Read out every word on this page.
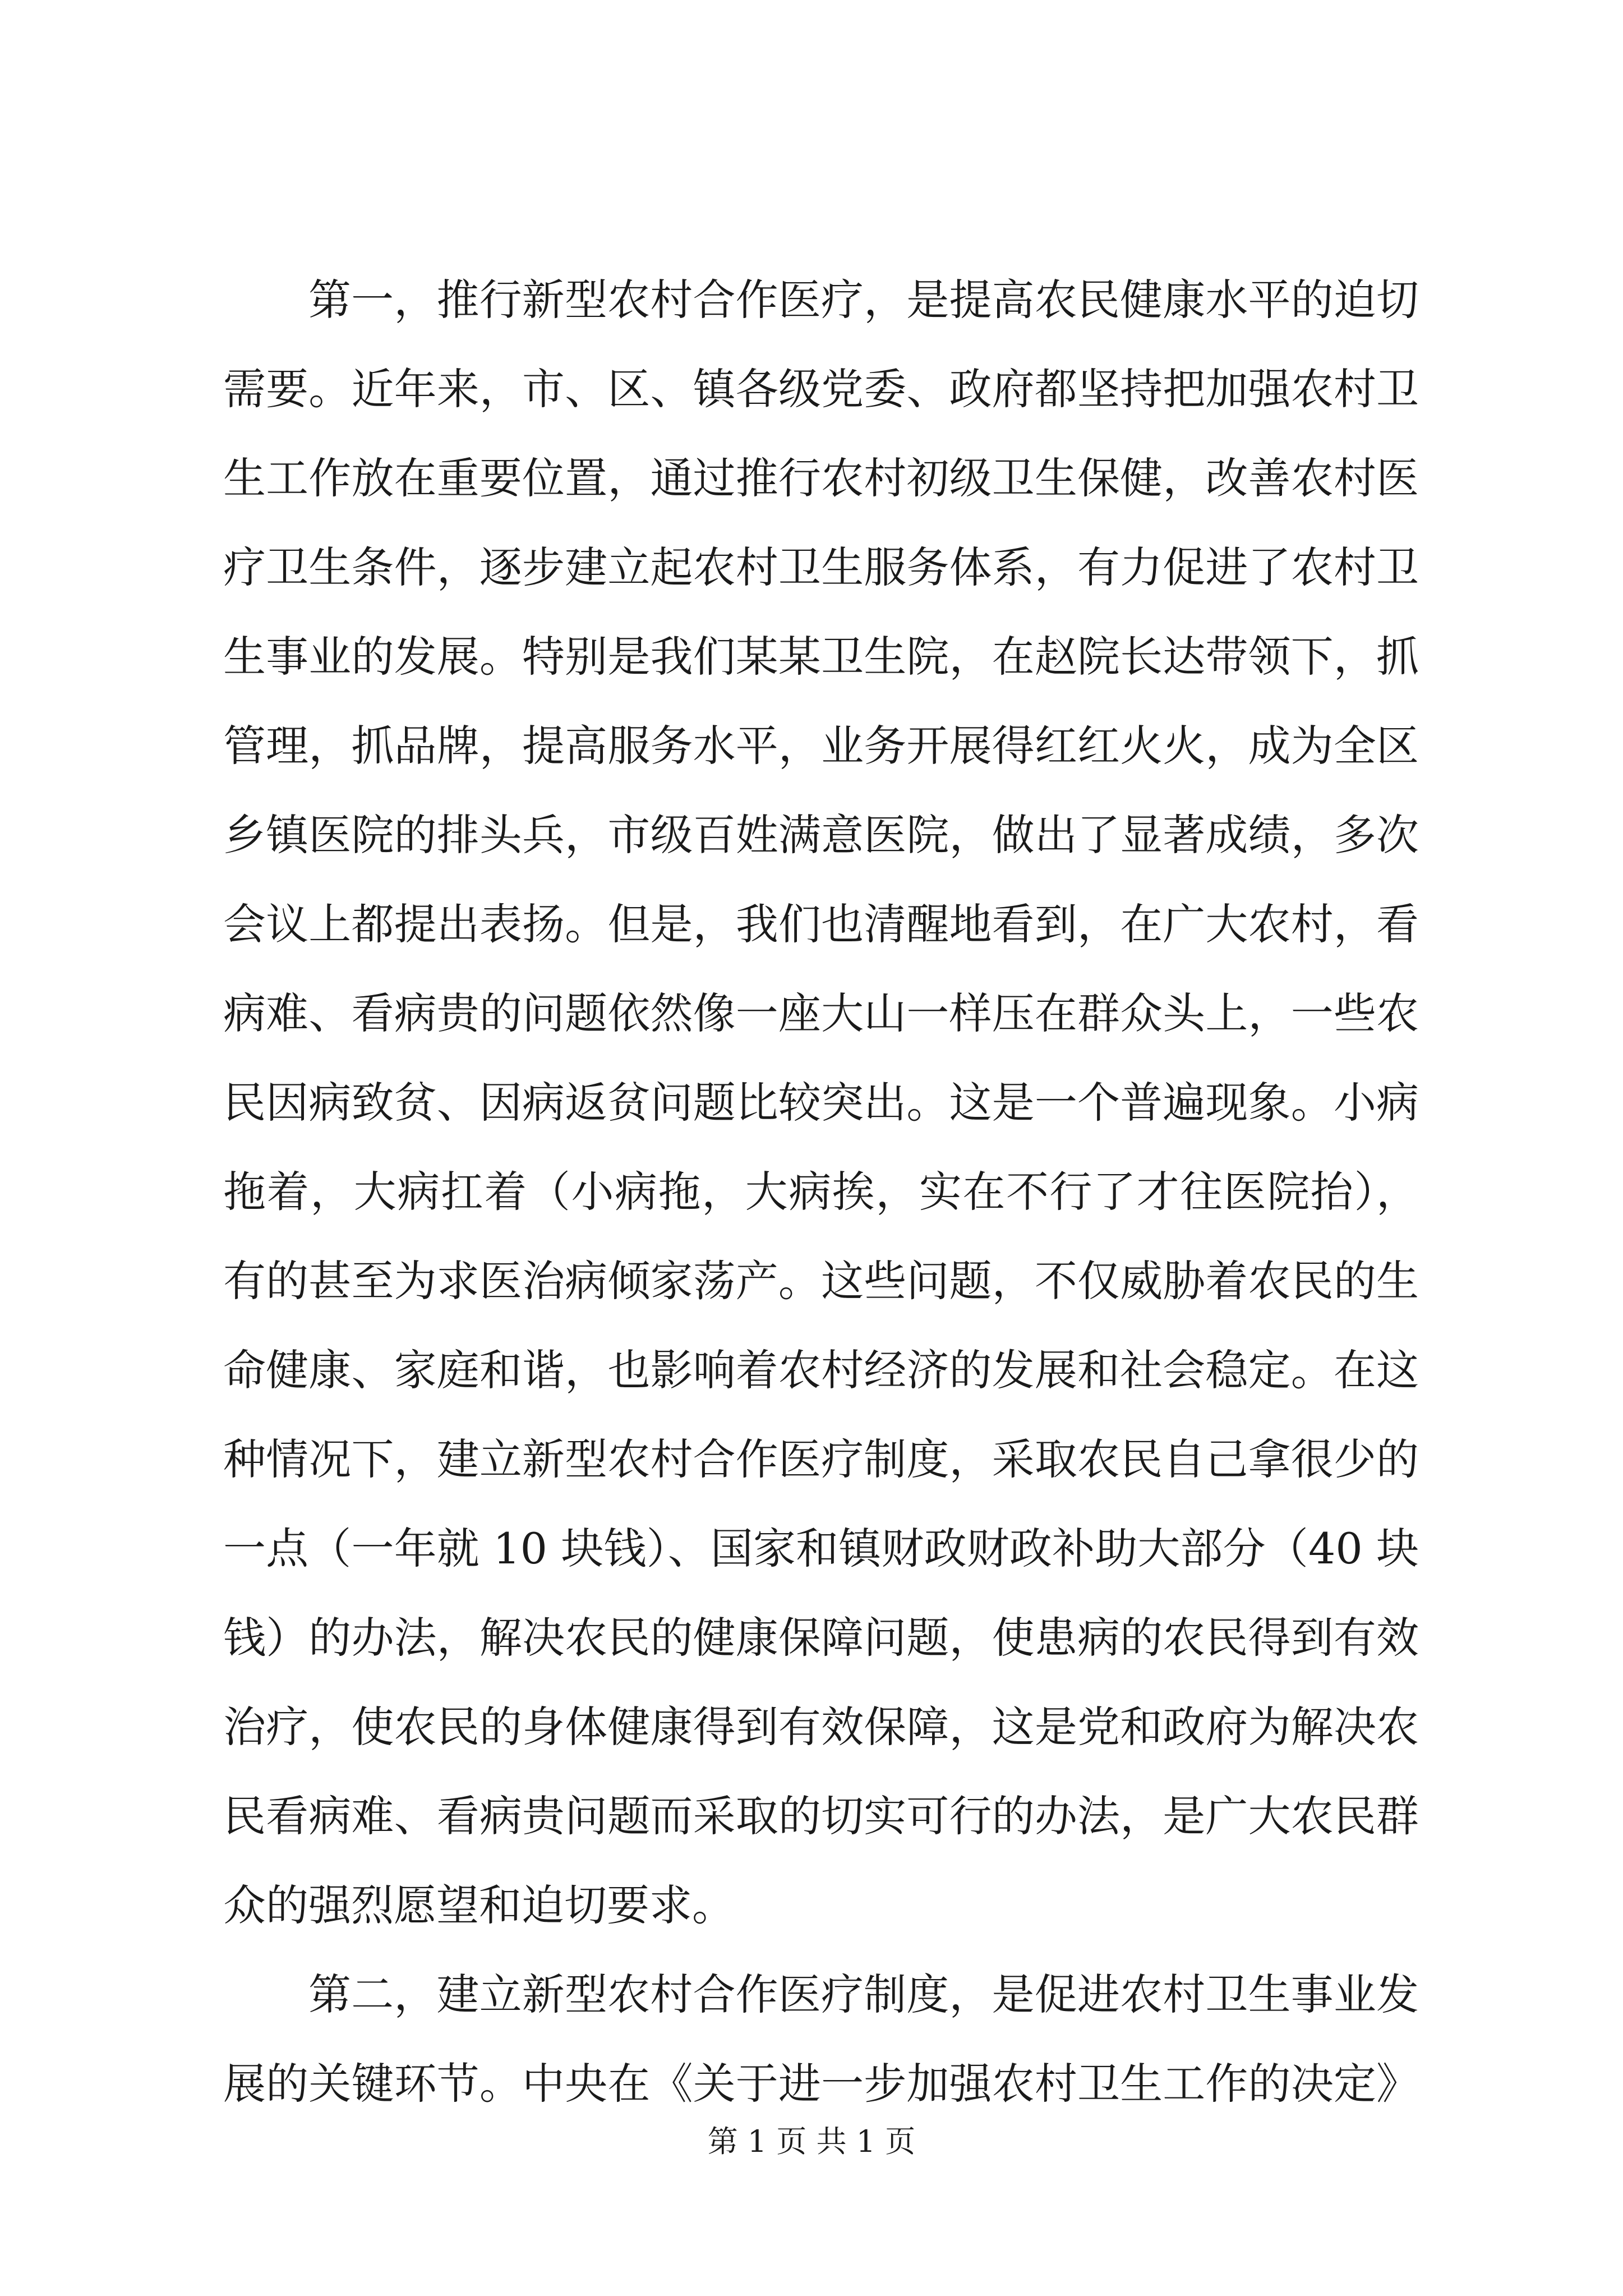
第一，推行新型农村合作医疗，是提高农民健康水平的迫切
需要。近年来，市、区、镇各级党委、政府都坚持把加强农村卫
生工作放在重要位置，通过推行农村初级卫生保健，改善农村医
疗卫生条件，逐步建立起农村卫生服务体系，有力促进了农村卫
生事业的发展。特别是我们某某卫生院，在赵院长达带领下，抓
管理，抓品牌，提高服务水平，业务开展得红红火火，成为全区
乡镇医院的排头兵，市级百姓满意医院，做出了显著成绩，多次
会议上都提出表扬。但是，我们也清醒地看到，在广大农村，看
病难、看病贵的问题依然像一座大山一样压在群众头上，一些农
民因病致贫、因病返贫问题比较突出。这是一个普遍现象。小病
拖着，大病扛着（小病拖，大病挨，实在不行了才往医院抬），
有的甚至为求医治病倾家荡产。这些问题，不仅威胁着农民的生
命健康、家庭和谐，也影响着农村经济的发展和社会稳定。在这
种情况下，建立新型农村合作医疗制度，采取农民自己拿很少的
一点（一年就 10 块钱）、国家和镇财政财政补助大部分（40 块
钱）的办法，解决农民的健康保障问题，使患病的农民得到有效
治疗，使农民的身体健康得到有效保障，这是党和政府为解决农
民看病难、看病贵问题而采取的切实可行的办法，是广大农民群
众的强烈愿望和迫切要求。
第二，建立新型农村合作医疗制度，是促进农村卫生事业发
展的关键环节。中央在《关于进一步加强农村卫生工作的决定》
第 1 页 共 1 页
